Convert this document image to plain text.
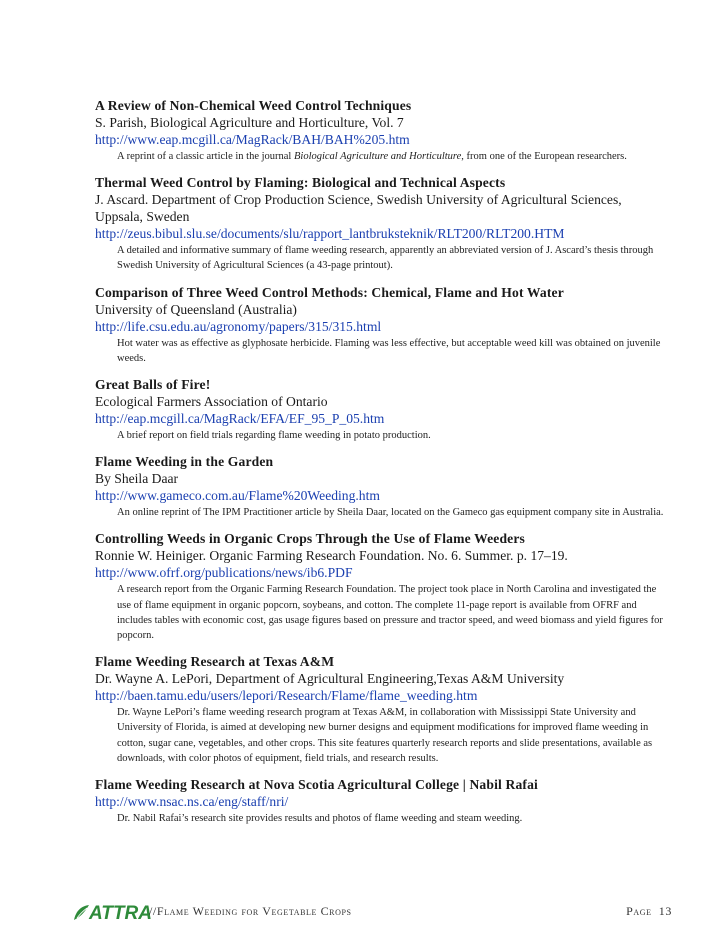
A Review of Non-Chemical Weed Control Techniques
S. Parish, Biological Agriculture and Horticulture, Vol. 7
http://www.eap.mcgill.ca/MagRack/BAH/BAH%205.htm
A reprint of a classic article in the journal Biological Agriculture and Horticulture, from one of the European researchers.
Thermal Weed Control by Flaming: Biological and Technical Aspects
J. Ascard. Department of Crop Production Science, Swedish University of Agricultural Sciences, Uppsala, Sweden
http://zeus.bibul.slu.se/documents/slu/rapport_lantbruksteknik/RLT200/RLT200.HTM
A detailed and informative summary of flame weeding research, apparently an abbreviated version of J. Ascard’s thesis through Swedish University of Agricultural Sciences (a 43-page printout).
Comparison of Three Weed Control Methods: Chemical, Flame and Hot Water
University of Queensland (Australia)
http://life.csu.edu.au/agronomy/papers/315/315.html
Hot water was as effective as glyphosate herbicide. Flaming was less effective, but acceptable weed kill was obtained on juvenile weeds.
Great Balls of Fire!
Ecological Farmers Association of Ontario
http://eap.mcgill.ca/MagRack/EFA/EF_95_P_05.htm
A brief report on field trials regarding flame weeding in potato production.
Flame Weeding in the Garden
By Sheila Daar
http://www.gameco.com.au/Flame%20Weeding.htm
An online reprint of The IPM Practitioner article by Sheila Daar, located on the Gameco gas equipment company site in Australia.
Controlling Weeds in Organic Crops Through the Use of Flame Weeders
Ronnie W. Heiniger. Organic Farming Research Foundation. No. 6. Summer. p. 17–19.
http://www.ofrf.org/publications/news/ib6.PDF
A research report from the Organic Farming Research Foundation. The project took place in North Carolina and investigated the use of flame equipment in organic popcorn, soybeans, and cotton. The complete 11-page report is available from OFRF and includes tables with economic cost, gas usage figures based on pressure and tractor speed, and weed biomass and yield figures for popcorn.
Flame Weeding Research at Texas A&M
Dr. Wayne A. LePori, Department of Agricultural Engineering,Texas A&M University
http://baen.tamu.edu/users/lepori/Research/Flame/flame_weeding.htm
Dr. Wayne LePori’s flame weeding research program at Texas A&M, in collaboration with Mississippi State University and University of Florida, is aimed at developing new burner designs and equipment modifications for improved flame weeding in cotton, sugar cane, vegetables, and other crops. This site features quarterly research reports and slide presentations, available as downloads, with color photos of equipment, field trials, and research results.
Flame Weeding Research at Nova Scotia Agricultural College | Nabil Rafai
http://www.nsac.ns.ca/eng/staff/nri/
Dr. Nabil Rafai’s research site provides results and photos of flame weeding and steam weeding.
ATTRA
//Flame Weeding for Vegetable Crops	Page 13
